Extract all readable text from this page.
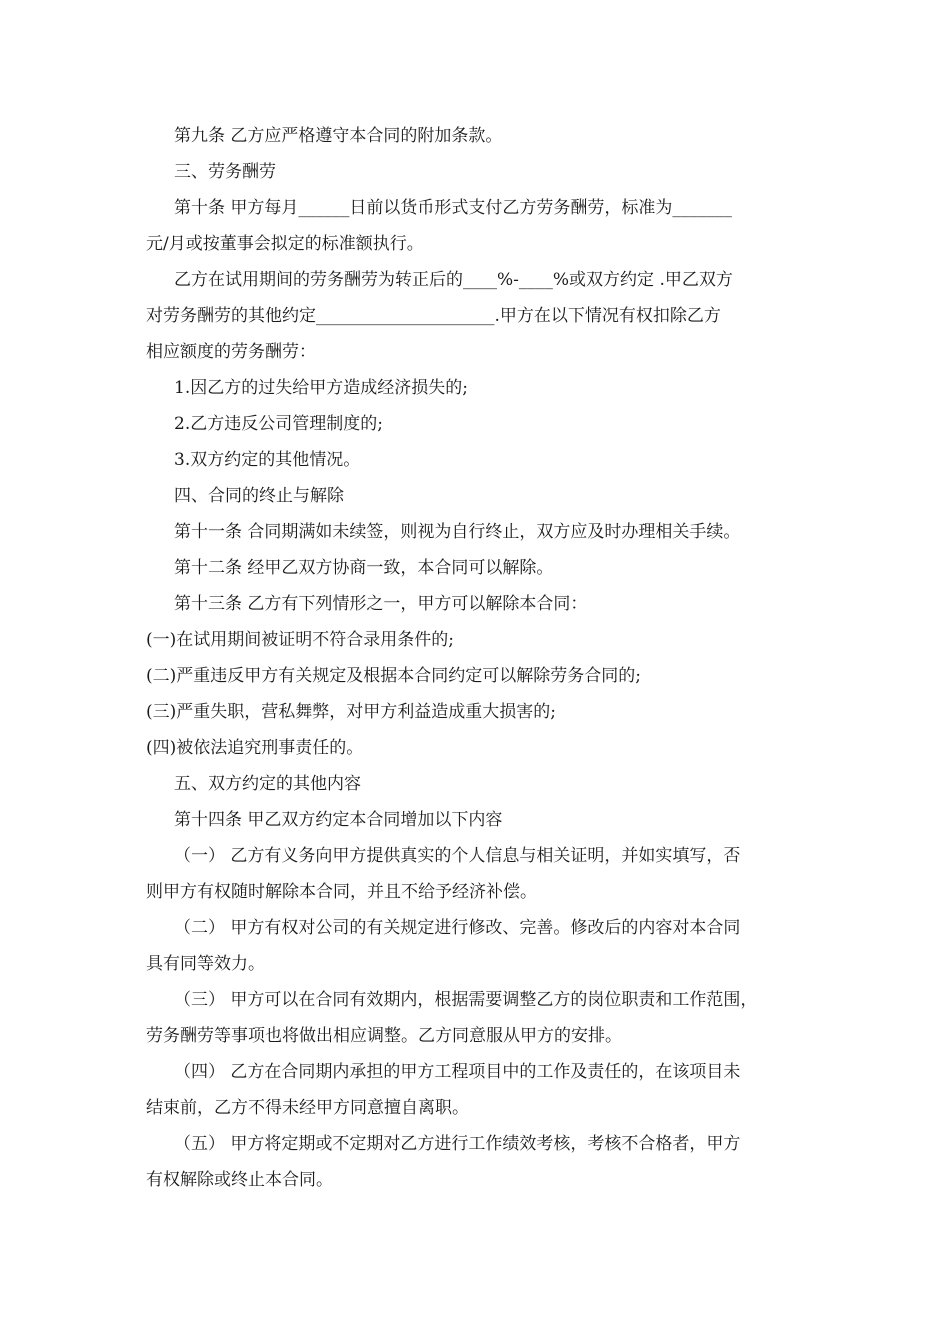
第九条 乙方应严格遵守本合同的附加条款。
三、劳务酬劳
第十条 甲方每月______日前以货币形式支付乙方劳务酬劳，标准为_______
元/月或按董事会拟定的标准额执行。
乙方在试用期间的劳务酬劳为转正后的____%-____%或双方约定 .甲乙双方
对劳务酬劳的其他约定_____________________.甲方在以下情况有权扣除乙方
相应额度的劳务酬劳：
1.因乙方的过失给甲方造成经济损失的;
2.乙方违反公司管理制度的;
3.双方约定的其他情况。
四、合同的终止与解除
第十一条 合同期满如未续签，则视为自行终止，双方应及时办理相关手续。
第十二条 经甲乙双方协商一致，本合同可以解除。
第十三条 乙方有下列情形之一，甲方可以解除本合同：
(一)在试用期间被证明不符合录用条件的;
(二)严重违反甲方有关规定及根据本合同约定可以解除劳务合同的;
(三)严重失职，营私舞弊，对甲方利益造成重大损害的;
(四)被依法追究刑事责任的。
五、双方约定的其他内容
第十四条 甲乙双方约定本合同增加以下内容
（一） 乙方有义务向甲方提供真实的个人信息与相关证明，并如实填写，否
则甲方有权随时解除本合同，并且不给予经济补偿。
（二） 甲方有权对公司的有关规定进行修改、完善。修改后的内容对本合同
具有同等效力。
（三） 甲方可以在合同有效期内，根据需要调整乙方的岗位职责和工作范围，
劳务酬劳等事项也将做出相应调整。乙方同意服从甲方的安排。
（四） 乙方在合同期内承担的甲方工程项目中的工作及责任的，在该项目未
结束前，乙方不得未经甲方同意擅自离职。
（五） 甲方将定期或不定期对乙方进行工作绩效考核，考核不合格者，甲方
有权解除或终止本合同。
